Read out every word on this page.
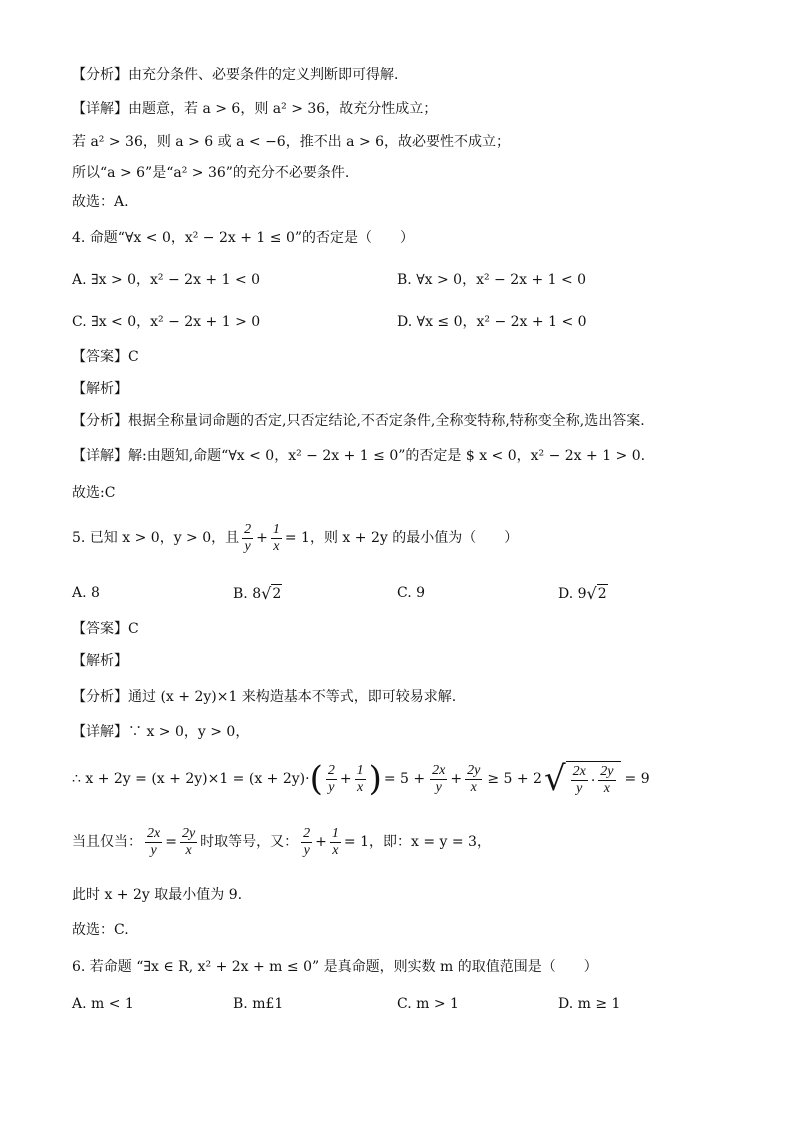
【分析】由充分条件、必要条件的定义判断即可得解.
【详解】由题意，若 a > 6，则 a² > 36，故充分性成立；
若 a² > 36，则 a > 6 或 a < −6，推不出 a > 6，故必要性不成立；
所以“a > 6”是“a² > 36”的充分不必要条件.
故选：A.
4. 命题“∀x < 0，x² − 2x + 1 ≤ 0”的否定是（　　）
A. ∃x > 0，x² − 2x + 1 < 0	B. ∀x > 0，x² − 2x + 1 < 0
C. ∃x < 0，x² − 2x + 1 > 0	D. ∀x ≤ 0，x² − 2x + 1 < 0
【答案】C
【解析】
【分析】根据全称量词命题的否定,只否定结论,不否定条件,全称变特称,特称变全称,选出答案.
【详解】解:由题知,命题“∀x < 0，x² − 2x + 1 ≤ 0”的否定是 $ x < 0，x² − 2x + 1 > 0.
故选:C
5. 已知 x > 0，y > 0，且 $\frac{2}{y} + \frac{1}{x} = 1$ ，则 x + 2y 的最小值为（　　）
A. 8	B. 8 √ 2	C. 9	D. 9 √ 2
【答案】C
【解析】
【分析】通过 (x + 2y)×1 来构造基本不等式，即可较易求解.
【详解】∵ x > 0，y > 0，
∴ x + 2y = (x + 2y)×1 = (x + 2y)· ( $\frac{2}{y} + \frac{1}{x}$ ) = $5 + \frac{2x}{y} + \frac{2y}{x} \ge 5 + 2$ √ $\frac{2x}{y} \cdot \frac{2y}{x} = 9$
当且仅当： $\frac{2x}{y} = \frac{2y}{x}$ 时取等号，又： $\frac{2}{y} + \frac{1}{x} = 1$，即：x = y = 3，
此时 x + 2y 取最小值为 9.
故选：C.
6. 若命题 “∃x ∈ R, x² + 2x + m ≤ 0” 是真命题，则实数 m 的取值范围是（　　）
A. m < 1	B. m£1	C. m > 1	D. m ≥ 1
